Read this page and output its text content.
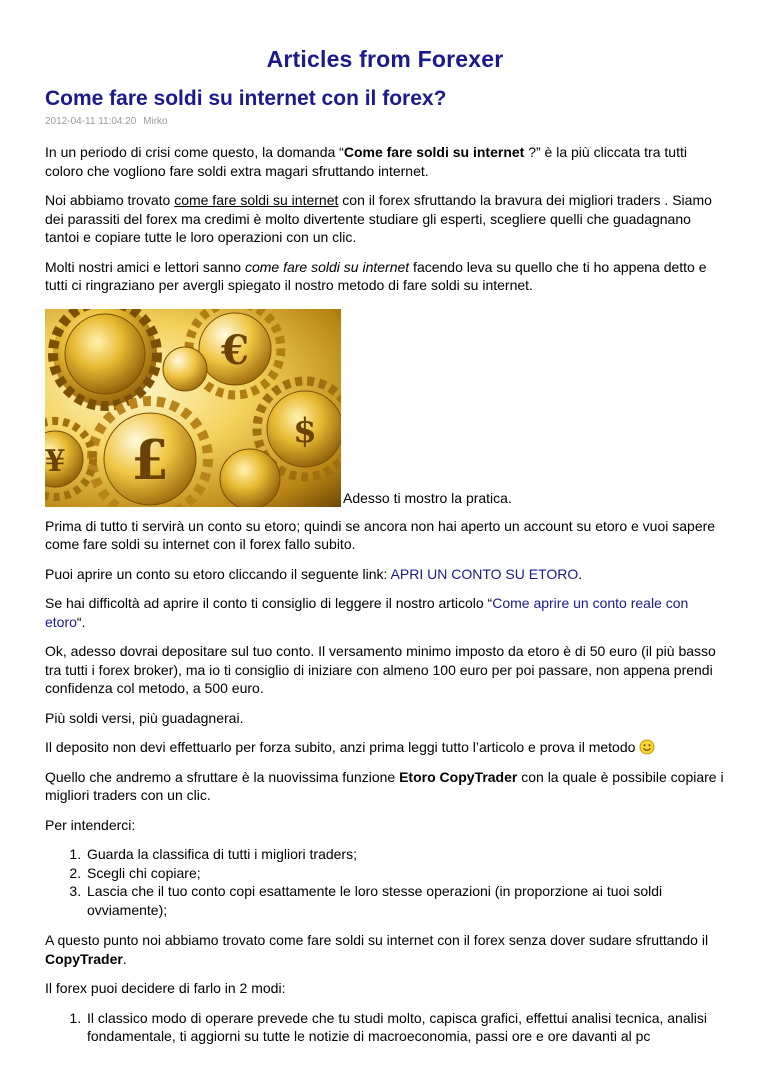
Articles from Forexer
Come fare soldi su internet con il forex?
2012-04-11 11:04:20 Mirko

In un periodo di crisi come questo, la domanda “Come fare soldi su internet ?” è la più cliccata tra tutti coloro che vogliono fare soldi extra magari sfruttando internet.

Noi abbiamo trovato come fare soldi su internet con il forex sfruttando la bravura dei migliori traders . Siamo dei parassiti del forex ma credimi è molto divertente studiare gli esperti, scegliere quelli che guadagnano tantoi e copiare tutte le loro operazioni con un clic.

Molti nostri amici e lettori sanno come fare soldi su internet facendo leva su quello che ti ho appena detto e tutti ci ringraziano per avergli spiegato il nostro metodo di fare soldi su internet.

€
£
¥
$
Adesso ti mostro la pratica.

Prima di tutto ti servirà un conto su etoro; quindi se ancora non hai aperto un account su etoro e vuoi sapere come fare soldi su internet con il forex fallo subito.

Puoi aprire un conto su etoro cliccando il seguente link: APRI UN CONTO SU ETORO.

Se hai difficoltà ad aprire il conto ti consiglio di leggere il nostro articolo “Come aprire un conto reale con etoro“.

Ok, adesso dovrai depositare sul tuo conto. Il versamento minimo imposto da etoro è di 50 euro (il più basso tra tutti i forex broker), ma io ti consiglio di iniziare con almeno 100 euro per poi passare, non appena prendi confidenza col metodo, a 500 euro.

Più soldi versi, più guadagnerai.

Il deposito non devi effettuarlo per forza subito, anzi prima leggi tutto l’articolo e prova il metodo

Quello che andremo a sfruttare è la nuovissima funzione Etoro CopyTrader con la quale è possibile copiare i migliori traders con un clic.

Per intenderci:

1. Guarda la classifica di tutti i migliori traders;
2. Scegli chi copiare;
3. Lascia che il tuo conto copi esattamente le loro stesse operazioni (in proporzione ai tuoi soldi ovviamente);

A questo punto noi abbiamo trovato come fare soldi su internet con il forex senza dover sudare sfruttando il CopyTrader.

Il forex puoi decidere di farlo in 2 modi:

1. Il classico modo di operare prevede che tu studi molto, capisca grafici, effettui analisi tecnica, analisi fondamentale, ti aggiorni su tutte le notizie di macroeconomia, passi ore e ore davanti al pc
